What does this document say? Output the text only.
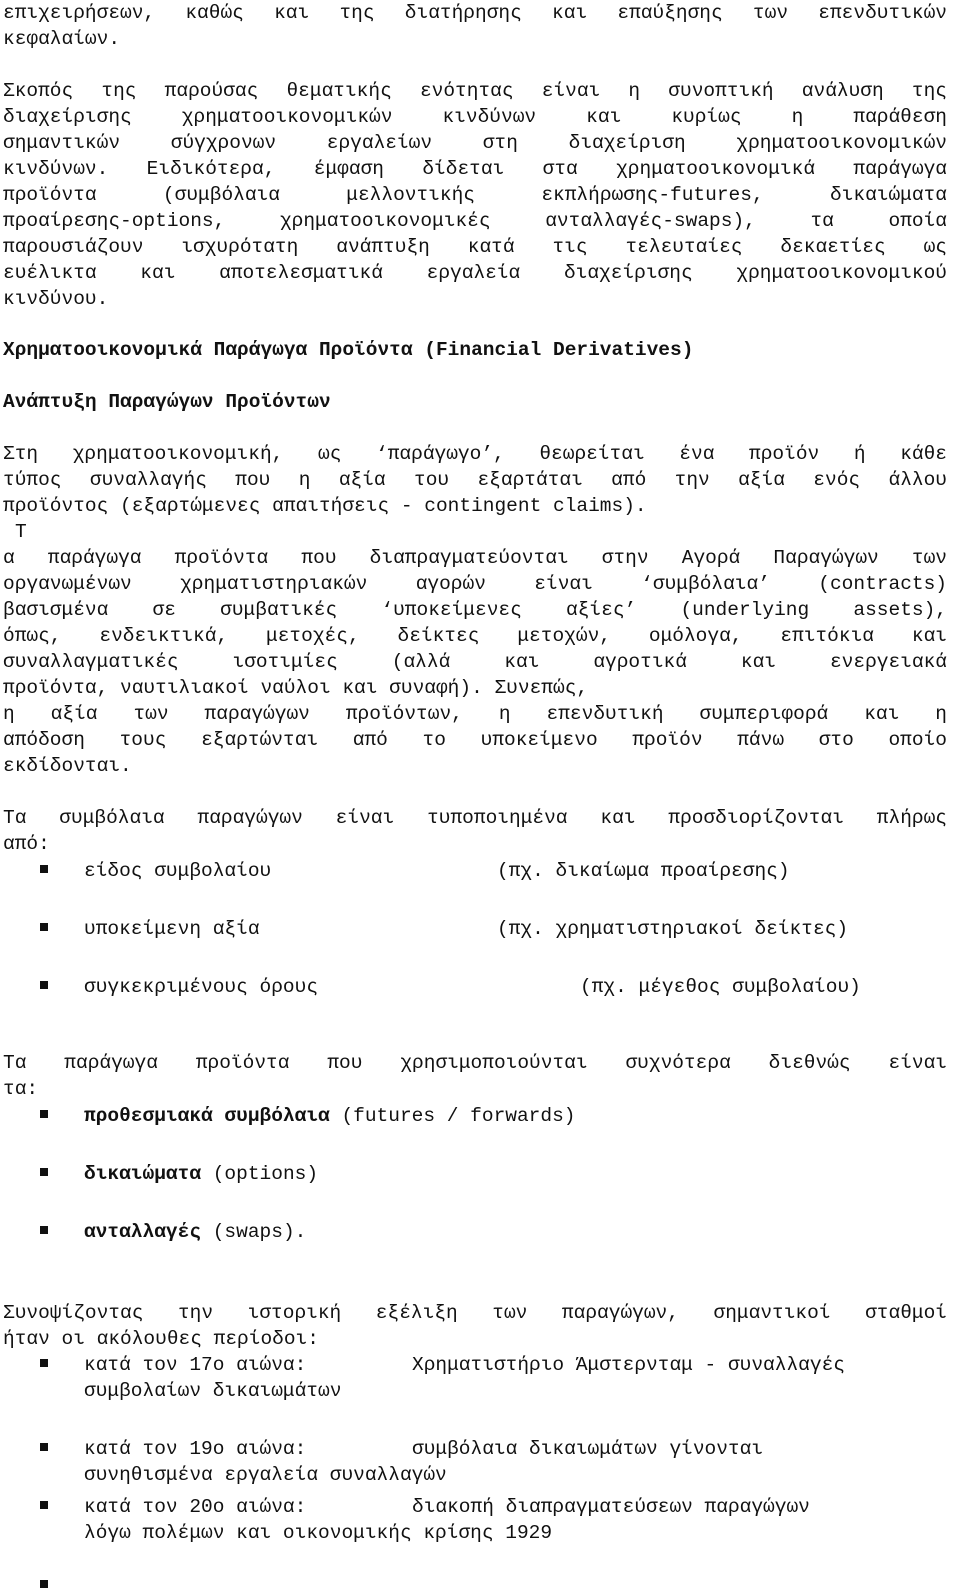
επιχειρήσεων, καθώς και της διατήρησης και επαύξησης των επενδυτικών
κεφαλαίων.
Σκοπός της παρούσας θεματικής ενότητας είναι η συνοπτική ανάλυση της
διαχείρισης χρηματοοικονομικών κινδύνων και κυρίως η παράθεση
σημαντικών σύγχρονων εργαλείων στη διαχείριση χρηματοοικονομικών
κινδύνων. Ειδικότερα, έμφαση δίδεται στα χρηματοοικονομικά παράγωγα
προϊόντα (συμβόλαια μελλοντικής εκπλήρωσης-futures, δικαιώματα
προαίρεσης-options, χρηματοοικονομικές ανταλλαγές-swaps), τα οποία
παρουσιάζουν ισχυρότατη ανάπτυξη κατά τις τελευταίες δεκαετίες ως
ευέλικτα και αποτελεσματικά εργαλεία διαχείρισης χρηματοοικονομικού
κινδύνου.
Χρηματοοικονομικά Παράγωγα Προϊόντα (Financial Derivatives)
Ανάπτυξη Παραγώγων Προϊόντων
Στη χρηματοοικονομική, ως ‘παράγωγο’, θεωρείται ένα προϊόν ή κάθε
τύπος συναλλαγής που η αξία του εξαρτάται από την αξία ενός άλλου
προϊόντος (εξαρτώμενες απαιτήσεις - contingent claims).
Τ
α παράγωγα προϊόντα που διαπραγματεύονται στην Αγορά Παραγώγων των
οργανωμένων χρηματιστηριακών αγορών είναι ‘συμβόλαια’ (contracts)
βασισμένα σε συμβατικές ‘υποκείμενες αξίες’ (underlying assets),
όπως, ενδεικτικά, μετοχές, δείκτες μετοχών, ομόλογα, επιτόκια και
συναλλαγματικές ισοτιμίες (αλλά και αγροτικά και ενεργειακά
προϊόντα, ναυτιλιακοί ναύλοι και συναφή). Συνεπώς,
η αξία των παραγώγων προϊόντων, η επενδυτική συμπεριφορά και η
απόδοση τους εξαρτώνται από το υποκείμενο προϊόν πάνω στο οποίο
εκδίδονται.
Τα συμβόλαια παραγώγων είναι τυποποιημένα και προσδιορίζονται πλήρως
από:
είδος συμβολαίου	(πχ. δικαίωμα προαίρεσης)
υποκείμενη αξία	(πχ. χρηματιστηριακοί δείκτες)
συγκεκριμένους όρους	(πχ. μέγεθος συμβολαίου)
Τα παράγωγα προϊόντα που χρησιμοποιούνται συχνότερα διεθνώς είναι
τα:
προθεσμιακά συμβόλαια (futures / forwards)
δικαιώματα (options)
ανταλλαγές (swaps).
Συνοψίζοντας την ιστορική εξέλιξη των παραγώγων, σημαντικοί σταθμοί
ήταν οι ακόλουθες περίοδοι:
κατά τον 17ο αιώνα:	Χρηματιστήριο Άμστερνταμ - συναλλαγές
συμβολαίων δικαιωμάτων
κατά τον 19ο αιώνα:	συμβόλαια δικαιωμάτων γίνονται
συνηθισμένα εργαλεία συναλλαγών
κατά τον 20ο αιώνα:	διακοπή διαπραγματεύσεων παραγώγων
λόγω πολέμων και οικονομικής κρίσης 1929
